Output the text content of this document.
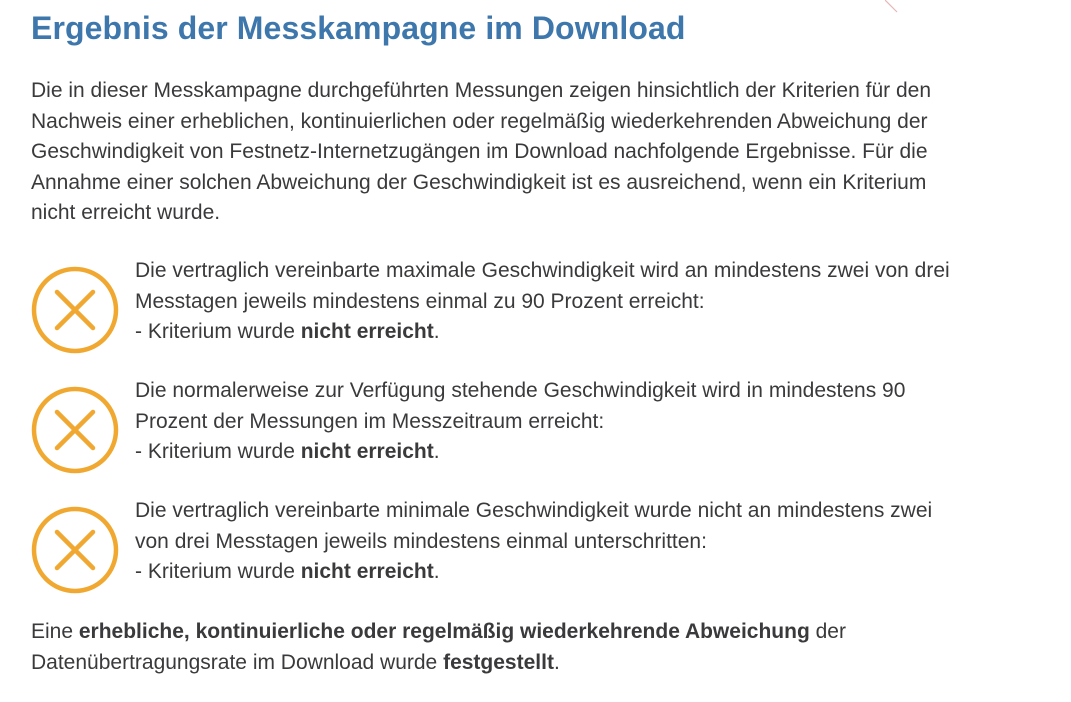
Ergebnis der Messkampagne im Download

Die in dieser Messkampagne durchgeführten Messungen zeigen hinsichtlich der Kriterien für den
Nachweis einer erheblichen, kontinuierlichen oder regelmäßig wiederkehrenden Abweichung der
Geschwindigkeit von Festnetz-Internetzugängen im Download nachfolgende Ergebnisse. Für die
Annahme einer solchen Abweichung der Geschwindigkeit ist es ausreichend, wenn ein Kriterium
nicht erreicht wurde.

Die vertraglich vereinbarte maximale Geschwindigkeit wird an mindestens zwei von drei
Messtagen jeweils mindestens einmal zu 90 Prozent erreicht:
- Kriterium wurde nicht erreicht.

Die normalerweise zur Verfügung stehende Geschwindigkeit wird in mindestens 90
Prozent der Messungen im Messzeitraum erreicht:
- Kriterium wurde nicht erreicht.

Die vertraglich vereinbarte minimale Geschwindigkeit wurde nicht an mindestens zwei
von drei Messtagen jeweils mindestens einmal unterschritten:
- Kriterium wurde nicht erreicht.

Eine erhebliche, kontinuierliche oder regelmäßig wiederkehrende Abweichung der
Datenübertragungsrate im Download wurde festgestellt.
